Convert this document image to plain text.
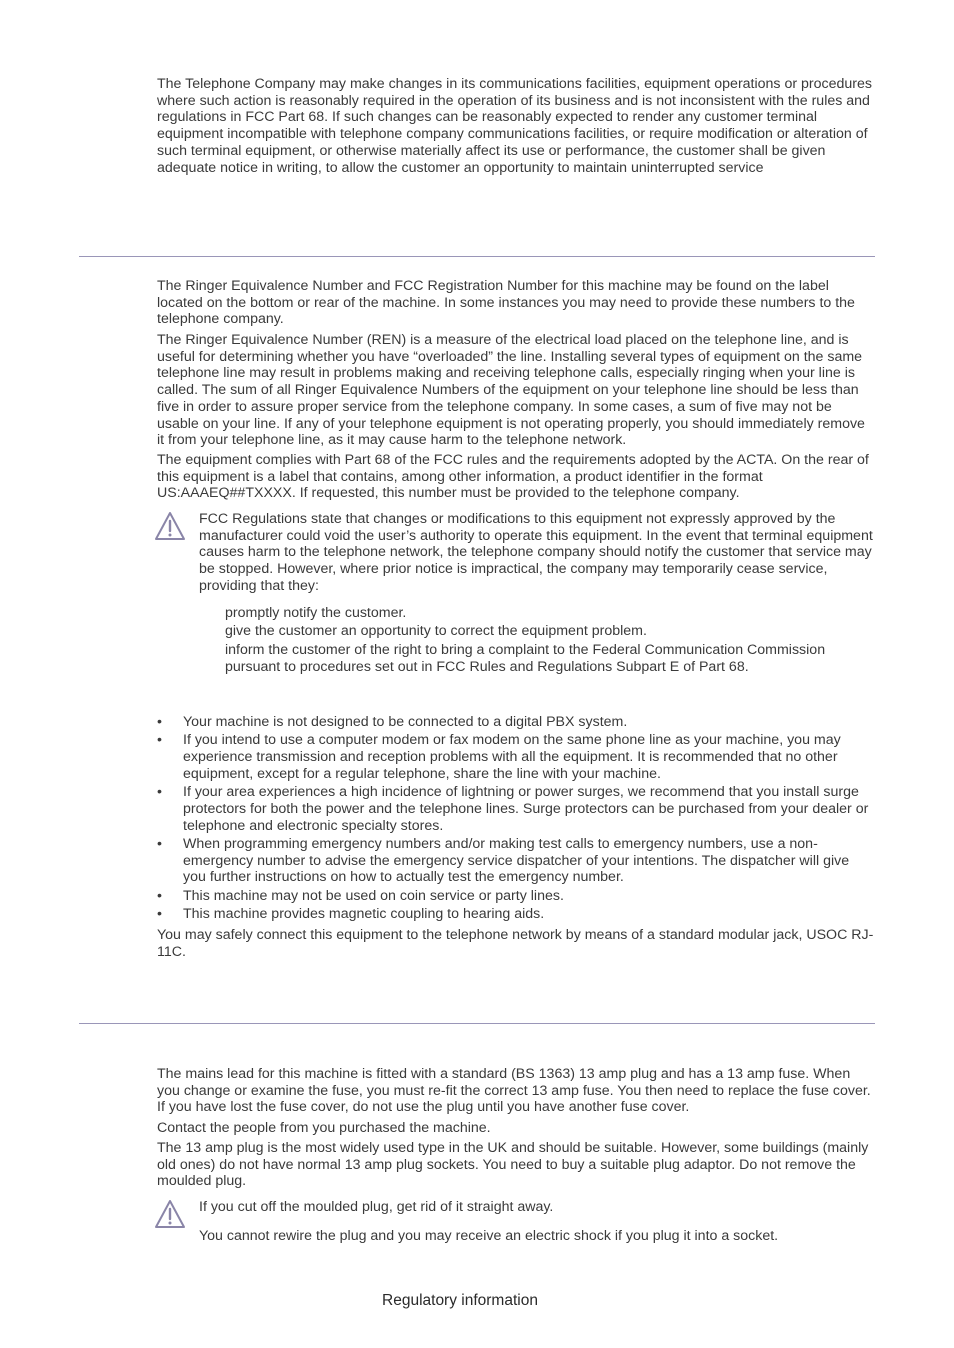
The Telephone Company may make changes in its communications facilities, equipment operations or procedures where such action is reasonably required in the operation of its business and is not inconsistent with the rules and regulations in FCC Part 68. If such changes can be reasonably expected to render any customer terminal equipment incompatible with telephone company communications facilities, or require modification or alteration of such terminal equipment, or otherwise materially affect its use or performance, the customer shall be given adequate notice in writing, to allow the customer an opportunity to maintain uninterrupted service

The Ringer Equivalence Number and FCC Registration Number for this machine may be found on the label located on the bottom or rear of the machine. In some instances you may need to provide these numbers to the telephone company.

The Ringer Equivalence Number (REN) is a measure of the electrical load placed on the telephone line, and is useful for determining whether you have “overloaded” the line. Installing several types of equipment on the same telephone line may result in problems making and receiving telephone calls, especially ringing when your line is called. The sum of all Ringer Equivalence Numbers of the equipment on your telephone line should be less than five in order to assure proper service from the telephone company. In some cases, a sum of five may not be usable on your line. If any of your telephone equipment is not operating properly, you should immediately remove it from your telephone line, as it may cause harm to the telephone network.

The equipment complies with Part 68 of the FCC rules and the requirements adopted by the ACTA. On the rear of this equipment is a label that contains, among other information, a product identifier in the format US:AAAEQ##TXXXX. If requested, this number must be provided to the telephone company.

FCC Regulations state that changes or modifications to this equipment not expressly approved by the manufacturer could void the user’s authority to operate this equipment. In the event that terminal equipment causes harm to the telephone network, the telephone company should notify the customer that service may be stopped. However, where prior notice is impractical, the company may temporarily cease service, providing that they:

promptly notify the customer.

give the customer an opportunity to correct the equipment problem.

inform the customer of the right to bring a complaint to the Federal Communication Commission pursuant to procedures set out in FCC Rules and Regulations Subpart E of Part 68.

• Your machine is not designed to be connected to a digital PBX system.
• If you intend to use a computer modem or fax modem on the same phone line as your machine, you may experience transmission and reception problems with all the equipment. It is recommended that no other equipment, except for a regular telephone, share the line with your machine.
• If your area experiences a high incidence of lightning or power surges, we recommend that you install surge protectors for both the power and the telephone lines. Surge protectors can be purchased from your dealer or telephone and electronic specialty stores.
• When programming emergency numbers and/or making test calls to emergency numbers, use a non-emergency number to advise the emergency service dispatcher of your intentions. The dispatcher will give you further instructions on how to actually test the emergency number.
• This machine may not be used on coin service or party lines.
• This machine provides magnetic coupling to hearing aids.

You may safely connect this equipment to the telephone network by means of a standard modular jack, USOC RJ-11C.

The mains lead for this machine is fitted with a standard (BS 1363) 13 amp plug and has a 13 amp fuse. When you change or examine the fuse, you must re-fit the correct 13 amp fuse. You then need to replace the fuse cover. If you have lost the fuse cover, do not use the plug until you have another fuse cover.

Contact the people from you purchased the machine.

The 13 amp plug is the most widely used type in the UK and should be suitable. However, some buildings (mainly old ones) do not have normal 13 amp plug sockets. You need to buy a suitable plug adaptor. Do not remove the moulded plug.

If you cut off the moulded plug, get rid of it straight away.

You cannot rewire the plug and you may receive an electric shock if you plug it into a socket.

Regulatory information
